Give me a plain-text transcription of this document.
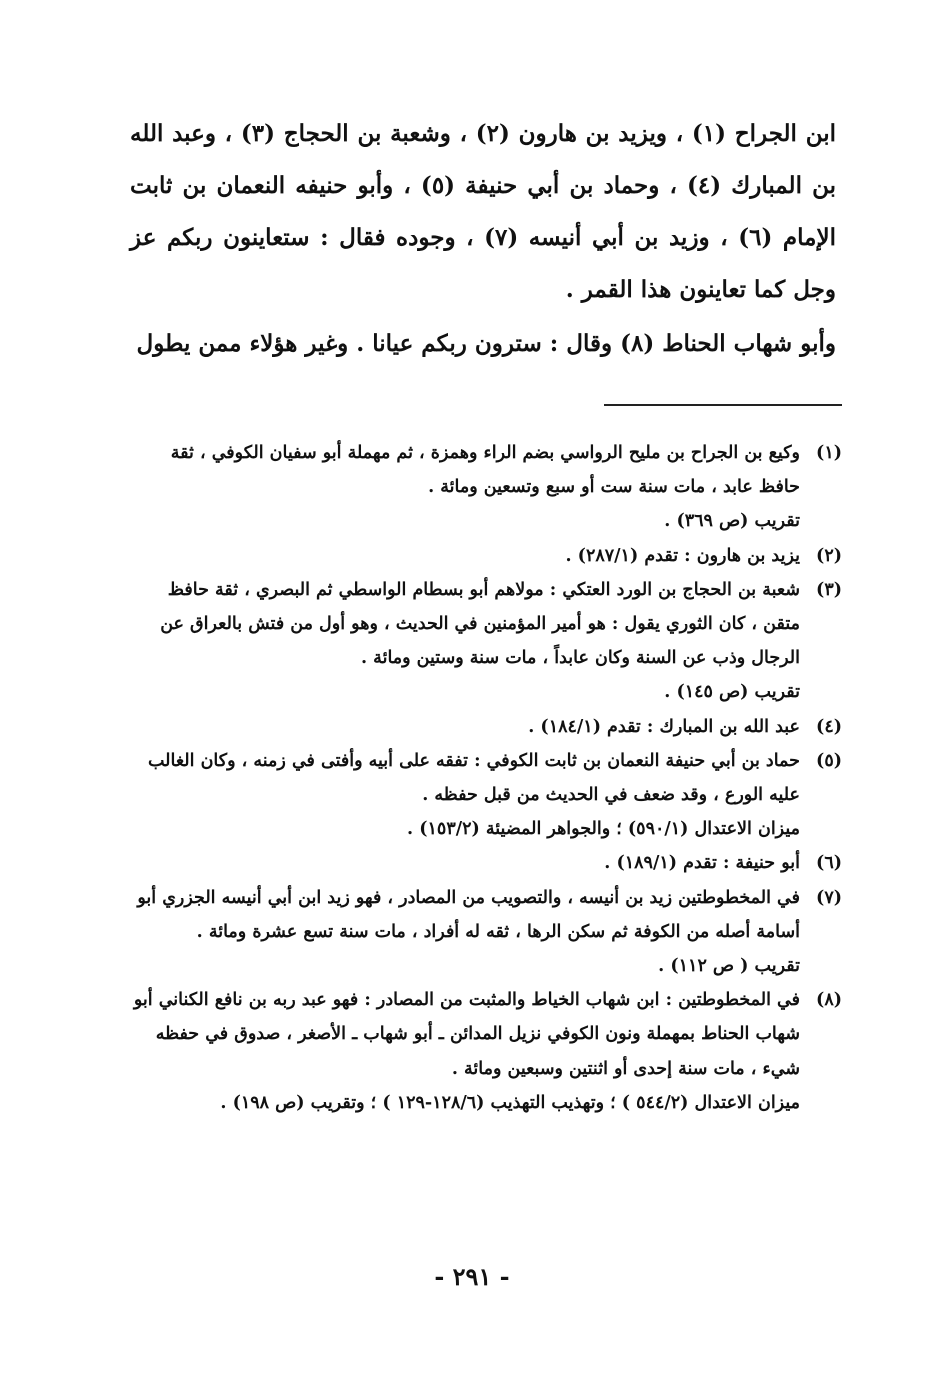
ابن الجراح (١) ، ويزيد بن هارون (٢) ، وشعبة بن الحجاج (٣) ، وعبد الله بن المبارك (٤) ، وحماد بن أبي حنيفة (٥) ، وأبو حنيفه النعمان بن ثابت الإمام (٦) ، وزيد بن أبي أنيسه (٧) ، وجوده فقال : ستعاينون ربكم عز وجل كما تعاينون هذا القمر .

وأبو شهاب الحناط (٨) وقال : سترون ربكم عيانا . وغير هؤلاء ممن يطول

(١)
وكيع بن الجراح بن مليح الرواسي بضم الراء وهمزة ، ثم مهملة أبو سفيان الكوفي ، ثقة حافظ عابد ، مات سنة ست أو سبع وتسعين ومائة .

تقريب (ص ٣٦٩) .

(٢)
يزيد بن هارون : تقدم (٢٨٧/١) .

(٣)
شعبة بن الحجاج بن الورد العتكي : مولاهم أبو بسطام الواسطي ثم البصري ، ثقة حافظ متقن ، كان الثوري يقول : هو أمير المؤمنين في الحديث ، وهو أول من فتش بالعراق عن الرجال وذب عن السنة وكان عابداً ، مات سنة وستين ومائة .

تقريب (ص ١٤٥) .

(٤)
عبد الله بن المبارك : تقدم (١٨٤/١) .

(٥)
حماد بن أبي حنيفة النعمان بن ثابت الكوفي : تفقه على أبيه وأفتى في زمنه ، وكان الغالب عليه الورع ، وقد ضعف في الحديث من قبل حفظه .

ميزان الاعتدال (٥٩٠/١) ؛ والجواهر المضيئة (١٥٣/٢) .

(٦)
أبو حنيفة : تقدم (١٨٩/١) .

(٧)
في المخطوطتين زيد بن أنيسه ، والتصويب من المصادر ، فهو زيد ابن أبي أنيسه الجزري أبو أسامة أصله من الكوفة ثم سكن الرها ، ثقه له أفراد ، مات سنة تسع عشرة ومائة .

تقريب ( ص ١١٢) .

(٨)
في المخطوطتين : ابن شهاب الخياط والمثبت من المصادر : فهو عبد ربه بن نافع الكناني أبو شهاب الحناط بمهملة ونون الكوفي نزيل المدائن ـ أبو شهاب ـ الأصغر ، صدوق في حفظه شيء ، مات سنة إحدى أو اثنتين وسبعين ومائة .

ميزان الاعتدال (٥٤٤/٢ ) ؛ وتهذيب التهذيب (١٢٨/٦-١٢٩ ) ؛ وتقريب (ص ١٩٨) .

- ٢٩١ -
